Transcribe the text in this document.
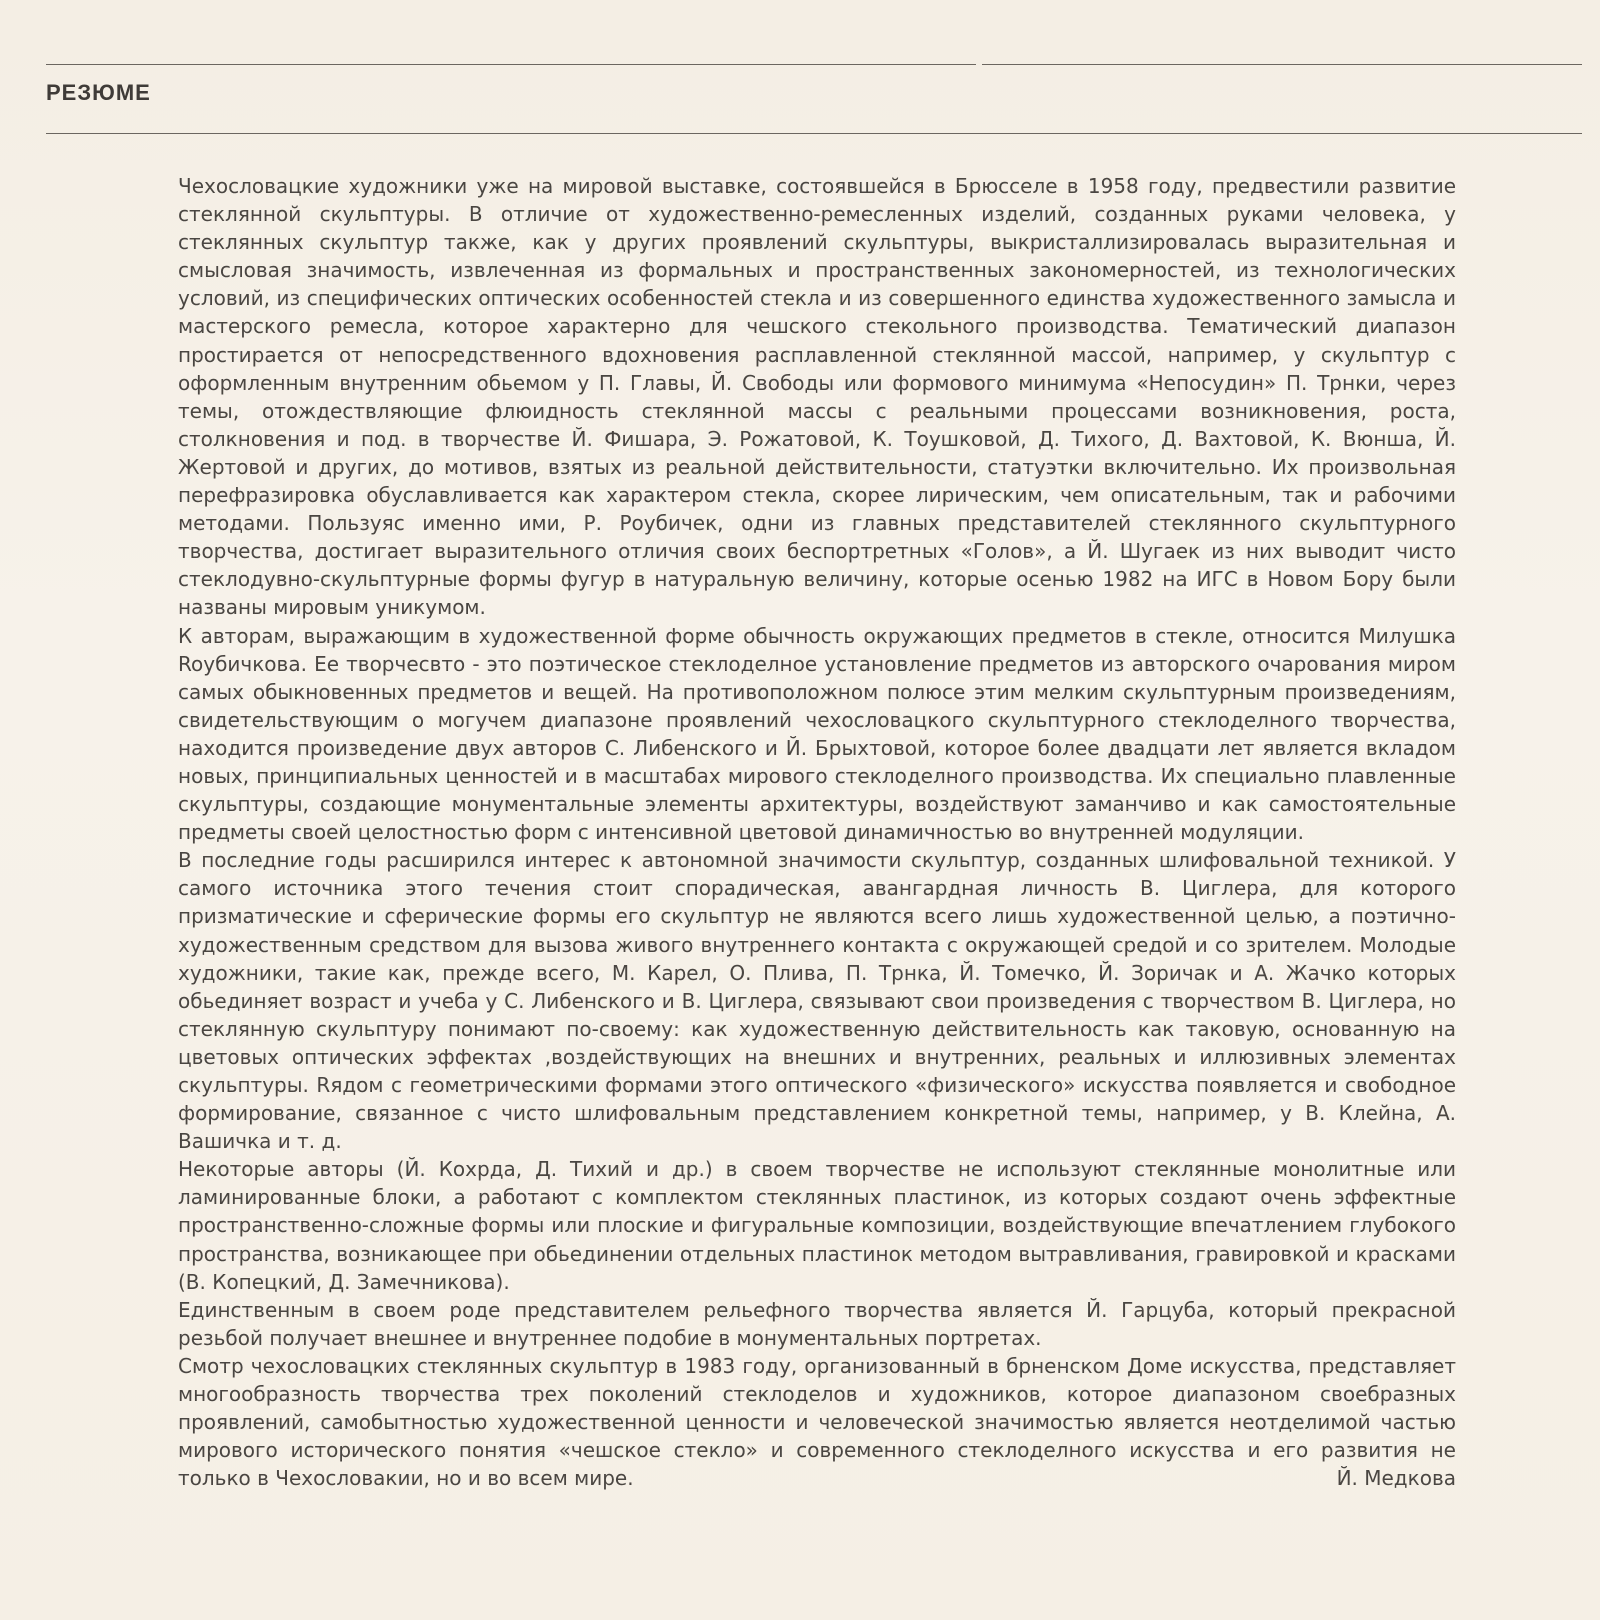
РЕЗЮМЕ

Чехословацкие художники уже на мировой выставке, состоявшейся в Брюсселе в 1958 году, предвестили развитие стеклянной скульптуры. В отличие от художественно-ремесленных изделий, созданных руками человека, у стеклянных скульптур также, как у других проявлений скульптуры, выкристаллизировалась выразительная и смысловая значимость, извлеченная из формальных и пространственных закономерностей, из технологических условий, из специфических оптических особенностей стекла и из совершенного единства художественного замысла и мастерского ремесла, которое характерно для чешского стекольного производства. Тематический диапазон простирается от непосредственного вдохновения расплавленной стеклянной массой, например, у скульптур с оформленным внутренним обьемом у П. Главы, Й. Свободы или формового минимума «Непосудин» П. Трнки, через темы, отождествляющие флюидность стеклянной массы с реальными процессами возникновения, роста, столкновения и под. в творчестве Й. Фишара, Э. Рожатовой, К. Тоушковой, Д. Тихого, Д. Вахтовой, К. Вюнша, Й. Жертовой и других, до мотивов, взятых из реальной действительности, статуэтки включительно. Их произвольная перефразировка обуславливается как характером стекла, скорее лирическим, чем описательным, так и рабочими методами. Пользуяс именно ими, Р. Роубичек, одни из главных представителей стеклянного скульптурного творчества, достигает выразительного отличия своих беспортретных «Голов», а Й. Шугаек из них выводит чисто стеклодувно-скульптурные формы фугур в натуральную величину, которые осенью 1982 на ИГС в Новом Бору были названы мировым уникумом.

К авторам, выражающим в художественной форме обычность окружающих предметов в стекле, относится Милушка Roубичкова. Ее творчесвто - это поэтическое стеклоделное установление предметов из авторского очарования миром самых обыкновенных предметов и вещей. На противоположном полюсе этим мелким скульптурным произведениям, свидетельствующим о могучем диапазоне проявлений чехословацкого скульптурного стеклоделного творчества, находится произведение двух авторов С. Либенского и Й. Брыхтовой, которое более двадцати лет является вкладом новых, принципиальных ценностей и в масштабах мирового стеклоделного производства. Их специально плавленные скульптуры, создающие монументальные элементы архитектуры, воздействуют заманчиво и как самостоятельные предметы своей целостностью форм с интенсивной цветовой динамичностью во внутренней модуляции.

В последние годы расширился интерес к автономной значимости скульптур, созданных шлифовальной техникой. У самого источника этого течения стоит спорадическая, авангардная личность В. Циглера, для которого призматические и сферические формы его скульптур не являются всего лишь художественной целью, а поэтично-художественным средством для вызова живого внутреннего контакта с окружающей средой и со зрителем. Молодые художники, такие как, прежде всего, М. Карел, О. Плива, П. Трнка, Й. Томечко, Й. Зоричак и А. Жачко которых обьединяет возраст и учеба у С. Либенского и В. Циглера, связывают свои произведения с творчеством В. Циглера, но стеклянную скульптуру понимают по-своему: как художественную действительность как таковую, основанную на цветовых оптических эффектах ,воздействующих на внешних и внутренних, реальных и иллюзивных элементах скульптуры. Rядом с геометрическими формами этого оптического «физического» искусства появляется и свободное формирование, связанное с чисто шлифовальным представлением конкретной темы, например, у В. Клейна, А. Вашичка и т. д.

Некоторые авторы (Й. Кохрда, Д. Тихий и др.) в своем творчестве не используют стеклянные монолитные или ламинированные блоки, а работают с комплектом стеклянных пластинок, из которых создают очень эффектные пространственно-сложные формы или плоские и фигуральные композиции, воздействующие впечатлением глубокого пространства, возникающее при обьединении отдельных пластинок методом вытравливания, гравировкой и красками (В. Копецкий, Д. Замечникова).

Единственным в своем роде представителем рельефного творчества является Й. Гарцуба, который прекрасной резьбой получает внешнее и внутреннее подобие в монументальных портретах.

Смотр чехословацких стеклянных скульптур в 1983 году, организованный в брненском Доме искусства, представляет многообразность творчества трех поколений стеклоделов и художников, которое диапазоном своебразных проявлений, самобытностью художественной ценности и человеческой значимостью является неотделимой частью мирового исторического понятия «чешское стекло» и современного стеклоделного искусства и его развития не только в Чехословакии, но и во всем мире.	Й. Медкова
